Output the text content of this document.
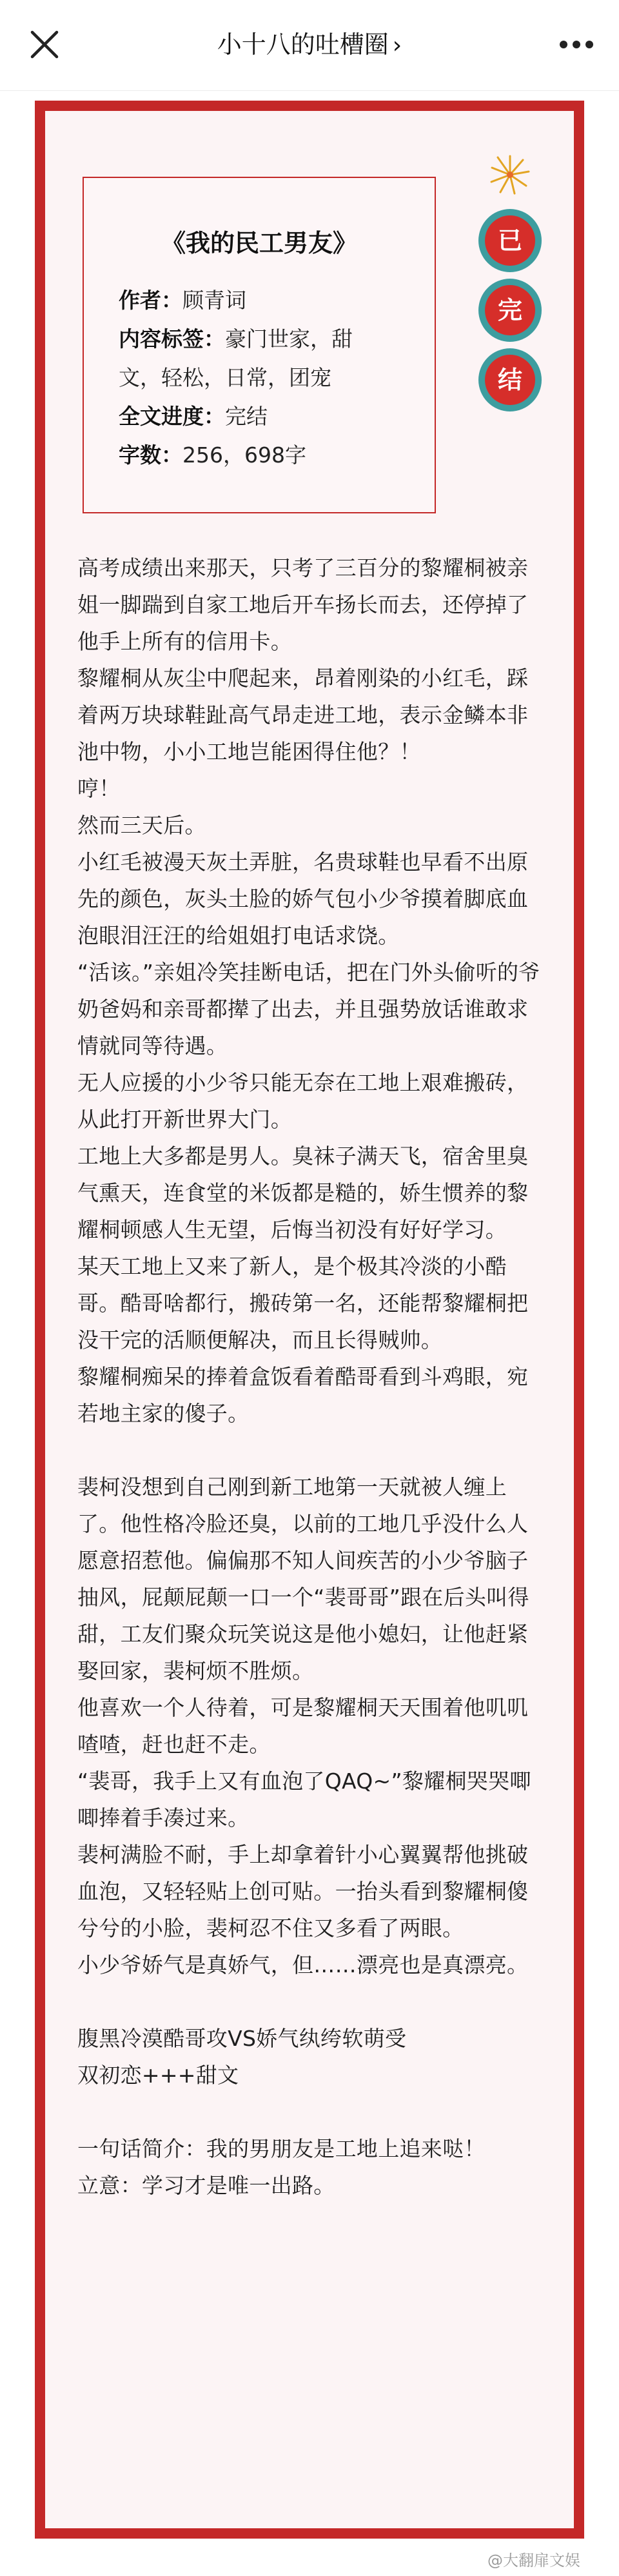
小十八的吐槽圈 ›
《我的民工男友》
作者：顾青词
内容标签：豪门世家，甜
文，轻松，日常，团宠
全文进度：完结
字数：256，698字
已
完
结

高考成绩出来那天，只考了三百分的黎耀桐被亲姐一脚踹到自家工地后开车扬长而去，还停掉了他手上所有的信用卡。

黎耀桐从灰尘中爬起来，昂着刚染的小红毛，踩着两万块球鞋趾高气昂走进工地，表示金鳞本非池中物，小小工地岂能困得住他？！

哼！

然而三天后。

小红毛被漫天灰土弄脏，名贵球鞋也早看不出原先的颜色，灰头土脸的娇气包小少爷摸着脚底血泡眼泪汪汪的给姐姐打电话求饶。

“活该。”亲姐冷笑挂断电话，把在门外头偷听的爷奶爸妈和亲哥都撵了出去，并且强势放话谁敢求情就同等待遇。

无人应援的小少爷只能无奈在工地上艰难搬砖，从此打开新世界大门。

工地上大多都是男人。臭袜子满天飞，宿舍里臭气熏天，连食堂的米饭都是糙的，娇生惯养的黎耀桐顿感人生无望，后悔当初没有好好学习。

某天工地上又来了新人，是个极其冷淡的小酷哥。酷哥啥都行，搬砖第一名，还能帮黎耀桐把没干完的活顺便解决，而且长得贼帅。

黎耀桐痴呆的捧着盒饭看着酷哥看到斗鸡眼，宛若地主家的傻子。

裴柯没想到自己刚到新工地第一天就被人缠上了。他性格冷脸还臭，以前的工地几乎没什么人愿意招惹他。偏偏那不知人间疾苦的小少爷脑子抽风，屁颠屁颠一口一个“裴哥哥”跟在后头叫得甜，工友们聚众玩笑说这是他小媳妇，让他赶紧娶回家，裴柯烦不胜烦。

他喜欢一个人待着，可是黎耀桐天天围着他叽叽喳喳，赶也赶不走。

“裴哥，我手上又有血泡了QAQ~”黎耀桐哭哭唧唧捧着手凑过来。

裴柯满脸不耐，手上却拿着针小心翼翼帮他挑破血泡，又轻轻贴上创可贴。一抬头看到黎耀桐傻兮兮的小脸，裴柯忍不住又多看了两眼。

小少爷娇气是真娇气，但……漂亮也是真漂亮。

腹黑冷漠酷哥攻VS娇气纨绔软萌受

双初恋+++甜文

一句话简介：我的男朋友是工地上追来哒！

立意：学习才是唯一出路。

@大翻扉文娱
